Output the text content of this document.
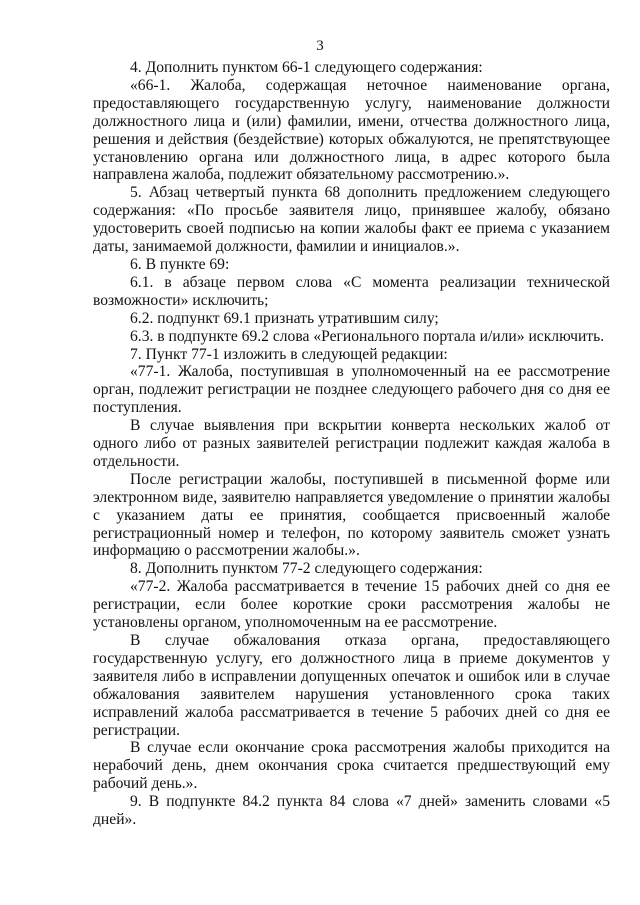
3

4. Дополнить пунктом 66-1 следующего содержания:

«66-1. Жалоба, содержащая неточное наименование органа, предоставляющего государственную услугу, наименование должности должностного лица и (или) фамилии, имени, отчества должностного лица, решения и действия (бездействие) которых обжалуются, не препятствующее установлению органа или должностного лица, в адрес которого была направлена жалоба, подлежит обязательному рассмотрению.».

5. Абзац четвертый пункта 68 дополнить предложением следующего содержания: «По просьбе заявителя лицо, принявшее жалобу, обязано удостоверить своей подписью на копии жалобы факт ее приема с указанием даты, занимаемой должности, фамилии и инициалов.».

6. В пункте 69:

6.1. в абзаце первом слова «С момента реализации технической возможности» исключить;

6.2. подпункт 69.1 признать утратившим силу;

6.3. в подпункте 69.2 слова «Регионального портала и/или» исключить.

7. Пункт 77-1 изложить в следующей редакции:

«77-1. Жалоба, поступившая в уполномоченный на ее рассмотрение орган, подлежит регистрации не позднее следующего рабочего дня со дня ее поступления.

В случае выявления при вскрытии конверта нескольких жалоб от одного либо от разных заявителей регистрации подлежит каждая жалоба в отдельности.

После регистрации жалобы, поступившей в письменной форме или электронном виде, заявителю направляется уведомление о принятии жалобы с указанием даты ее принятия, сообщается присвоенный жалобе регистрационный номер и телефон, по которому заявитель сможет узнать информацию о рассмотрении жалобы.».

8. Дополнить пунктом 77-2 следующего содержания:

«77-2. Жалоба рассматривается в течение 15 рабочих дней со дня ее регистрации, если более короткие сроки рассмотрения жалобы не установлены органом, уполномоченным на ее рассмотрение.

В случае обжалования отказа органа, предоставляющего государственную услугу, его должностного лица в приеме документов у заявителя либо в исправлении допущенных опечаток и ошибок или в случае обжалования заявителем нарушения установленного срока таких исправлений жалоба рассматривается в течение 5 рабочих дней со дня ее регистрации.

В случае если окончание срока рассмотрения жалобы приходится на нерабочий день, днем окончания срока считается предшествующий ему рабочий день.».

9. В подпункте 84.2 пункта 84 слова «7 дней» заменить словами «5 дней».
